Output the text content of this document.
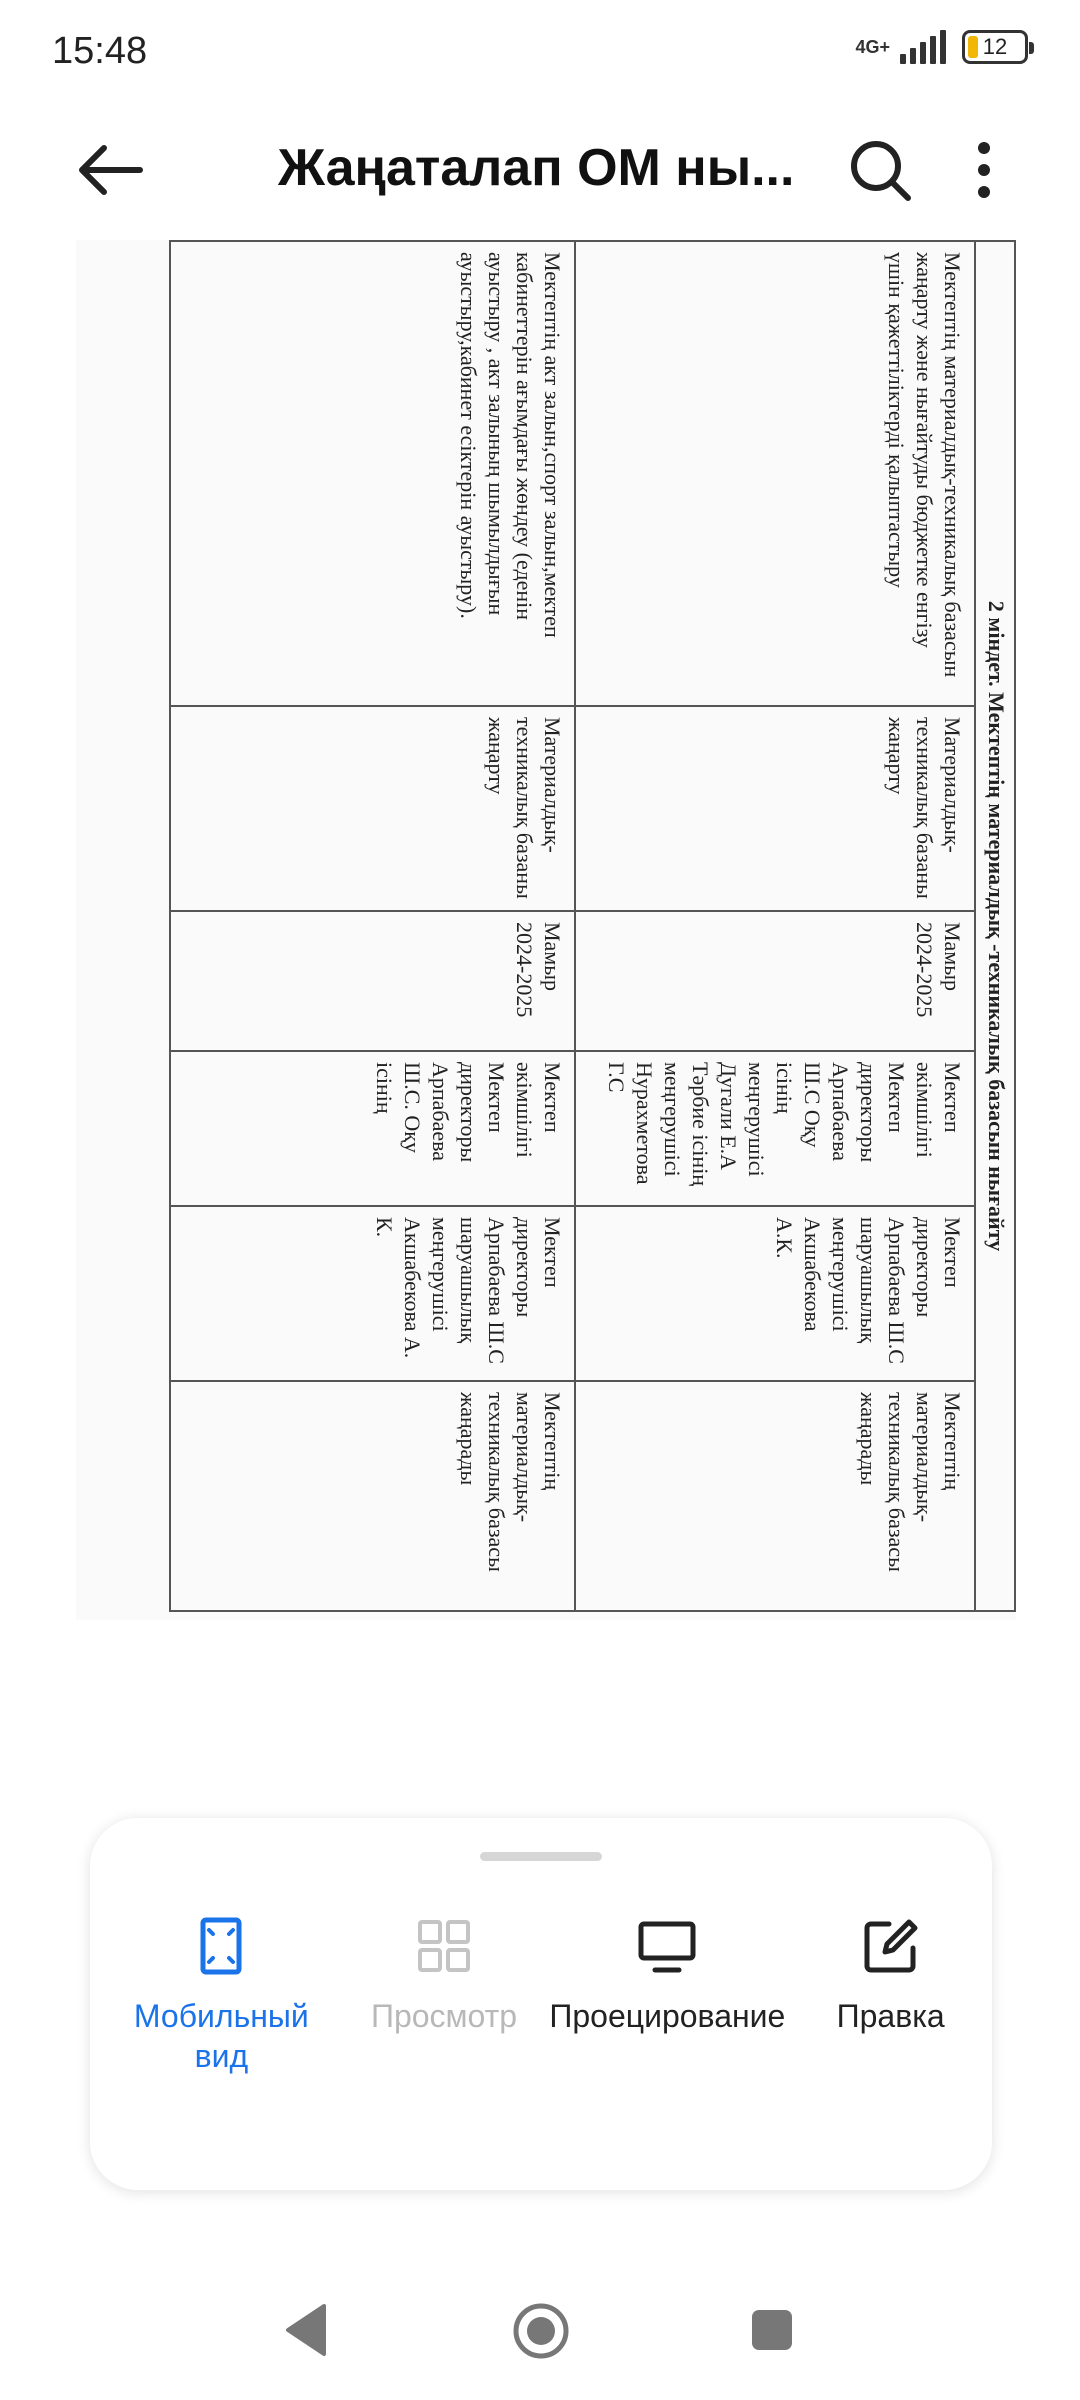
15:48	4G+	12
Жаңаталап ОМ ны...
2 міндет. Мектептің материалдық -техникалық базасын нығайту					
Мектептің материалдық-техникалық базасын жаңарту және нығайтуды бюджетке енгізу үшін қажеттіліктерді қалыптастыру	Материалдық-техникалық базаны жаңарту	Мамыр 2024-2025	Мектеп әкімшілігі Мектеп директоры Арпабаева Ш.С Оқу ісінің меңгерушісі Дугали Е.А Тәрбие ісінің меңгерушісі Нурахметова Г.С	Мектеп директоры Арпабаева Ш.С шаруашылық меңгерушісі Акшабекова А.К.	Мектептің материалдық-техникалық базасы жаңарады
Мектептің акт залын,спорт залын,мектеп кабинеттерін ағымдағы жөндеу (еденін ауыстыру , акт залының шымылдығын ауыстыру,кабинет есіктерін ауыстыру).	Материалдық-техникалық базаны жаңарту	Мамыр 2024-2025	Мектеп әкімшілігі Мектеп директоры Арпабаева Ш.С. Оқу ісінің	Мектеп директоры Арпабаева Ш.С шаруашылық меңгерушісі Акшабекова А. К.	Мектептің материалдық-техникалық базасы жаңарады
Мобильный вид
Просмотр Проецирование Правка
